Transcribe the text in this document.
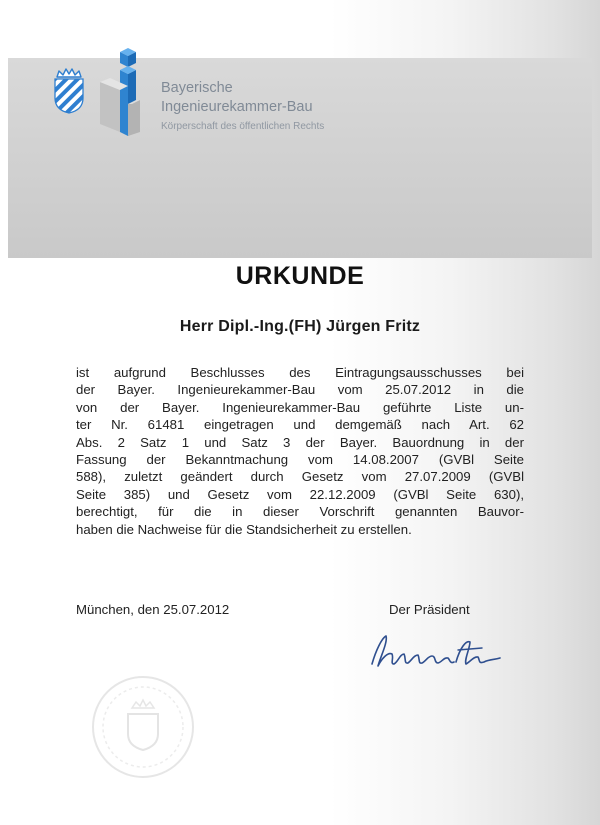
Bayerische
Ingenieurekammer-Bau
Körperschaft des öffentlichen Rechts
URKUNDE
Herr Dipl.-Ing.(FH) Jürgen Fritz
ist aufgrund Beschlusses des Eintragungsausschusses bei
der Bayer. Ingenieurekammer-Bau vom 25.07.2012 in die
von der Bayer. Ingenieurekammer-Bau geführte Liste un-
ter Nr. 61481 eingetragen und demgemäß nach Art. 62
Abs. 2 Satz 1 und Satz 3 der Bayer. Bauordnung in der
Fassung der Bekanntmachung vom 14.08.2007 (GVBl Seite
588), zuletzt geändert durch Gesetz vom 27.07.2009 (GVBl
Seite 385) und Gesetz vom 22.12.2009 (GVBl Seite 630),
berechtigt, für die in dieser Vorschrift genannten Bauvor-
haben die Nachweise für die Standsicherheit zu erstellen.
München, den 25.07.2012	Der Präsident
